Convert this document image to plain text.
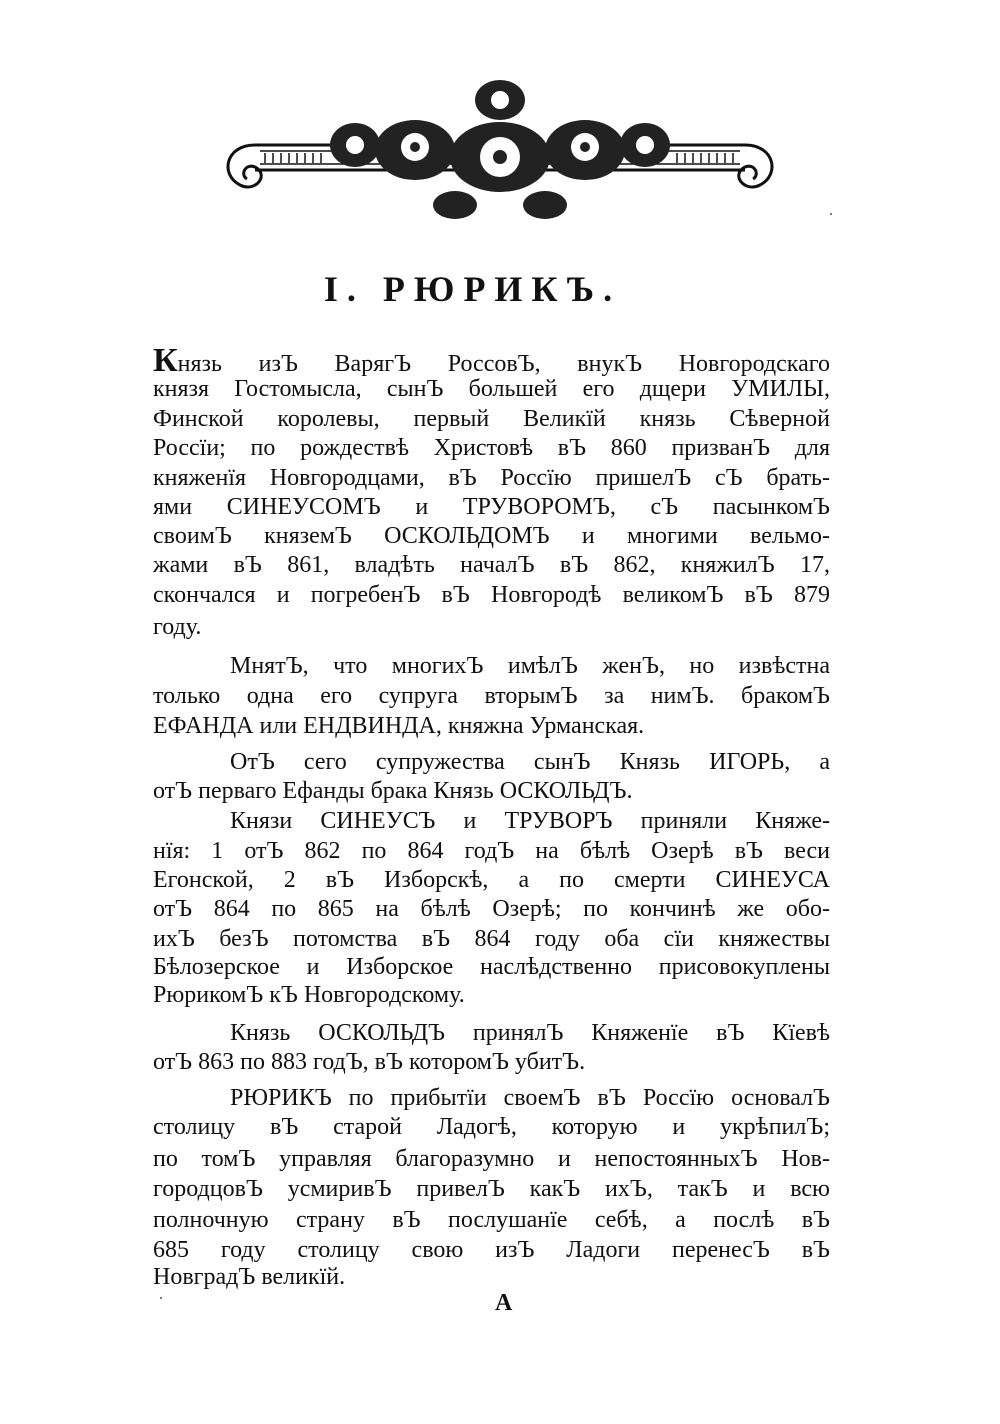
I. РЮРИКЪ.
Князь изЪ ВарягЪ РоссовЪ, внукЪ Новгородскаго
князя Гостомысла, сынЪ большей его дщери УМИЛЫ,
Финской королевы, первый Великїй князь Сѣверной
Россїи; по рождествѣ Христовѣ вЪ 860 призванЪ для
княженїя Новгородцами, вЪ Россїю пришелЪ сЪ брать-
ями СИНЕУСОМЪ и ТРУВОРОМЪ, сЪ пасынкомЪ
своимЪ княземЪ ОСКОЛЬДОМЪ и многими вельмо-
жами вЪ 861, владѣть началЪ вЪ 862, княжилЪ 17,
скончался и погребенЪ вЪ Новгородѣ великомЪ вЪ 879
году.
МнятЪ, что многихЪ имѣлЪ женЪ, но извѣстна
только одна его супруга вторымЪ за нимЪ. бракомЪ
ЕФАНДА или ЕНДВИНДА, княжна Урманская.
ОтЪ сего супружества сынЪ Князь ИГОРЬ, а
отЪ перваго Ефанды брака Князь ОСКОЛЬДЪ.
Князи СИНЕУСЪ и ТРУВОРЪ приняли Княже-
нїя: 1 отЪ 862 по 864 годЪ на бѣлѣ Озерѣ вЪ веси
Егонской, 2 вЪ Изборскѣ, а по смерти СИНЕУСА
отЪ 864 по 865 на бѣлѣ Озерѣ; по кончинѣ же обо-
ихЪ безЪ потомства вЪ 864 году оба сїи княжествы
Бѣлозерское и Изборское наслѣдственно присовокуплены
РюрикомЪ кЪ Новгородскому.
Князь ОСКОЛЬДЪ принялЪ Княженїе вЪ Кїевѣ
отЪ 863 по 883 годЪ, вЪ которомЪ убитЪ.
РЮРИКЪ по прибытїи своемЪ вЪ Россїю основалЪ
столицу вЪ старой Ладогѣ, которую и укрѣпилЪ;
по томЪ управляя благоразумно и непостоянныхЪ Нов-
городцовЪ усмиривЪ привелЪ какЪ ихЪ, такЪ и всю
полночную страну вЪ послушанїе себѣ, а послѣ вЪ
685 году столицу свою изЪ Ладоги перенесЪ вЪ
НовградЪ великїй.
A
